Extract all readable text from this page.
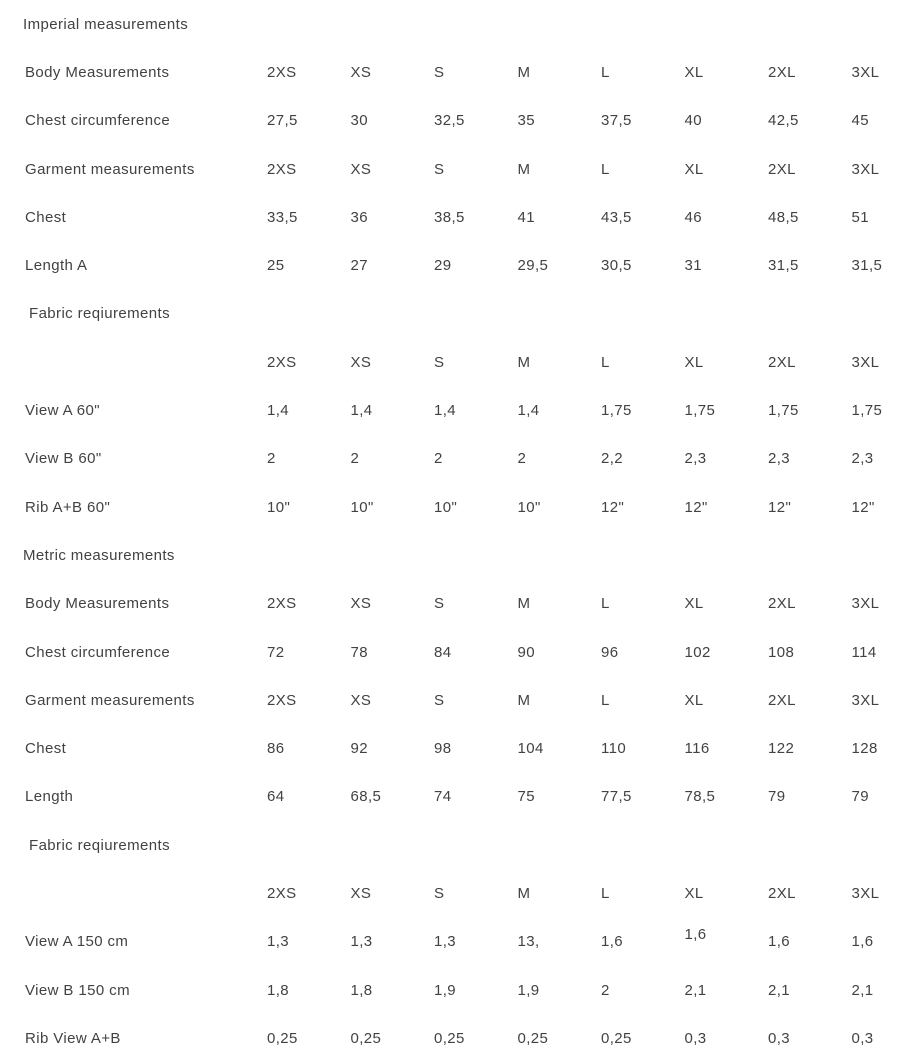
Imperial measurements
Body Measurements	2XS	XS	S	M	L	XL	2XL	3XL
Chest circumference	27,5	30	32,5	35	37,5	40	42,5	45
Garment measurements	2XS	XS	S	M	L	XL	2XL	3XL
Chest	33,5	36	38,5	41	43,5	46	48,5	51
Length A	25	27	29	29,5	30,5	31	31,5	31,5
Fabric reqiurements
2XS	XS	S	M	L	XL	2XL	3XL
View A 60"	1,4	1,4	1,4	1,4	1,75	1,75	1,75	1,75
View B 60"	2	2	2	2	2,2	2,3	2,3	2,3
Rib A+B 60"	10"	10"	10"	10"	12"	12"	12"	12"
Metric measurements
Body Measurements	2XS	XS	S	M	L	XL	2XL	3XL
Chest circumference	72	78	84	90	96	102	108	114
Garment measurements	2XS	XS	S	M	L	XL	2XL	3XL
Chest	86	92	98	104	110	116	122	128
Length	64	68,5	74	75	77,5	78,5	79	79
Fabric reqiurements
2XS	XS	S	M	L	XL	2XL	3XL
View A 150 cm	1,3	1,3	1,3	13,	1,6	1,6	1,6	1,6
View B 150 cm	1,8	1,8	1,9	1,9	2	2,1	2,1	2,1
Rib View A+B	0,25	0,25	0,25	0,25	0,25	0,3	0,3	0,3
